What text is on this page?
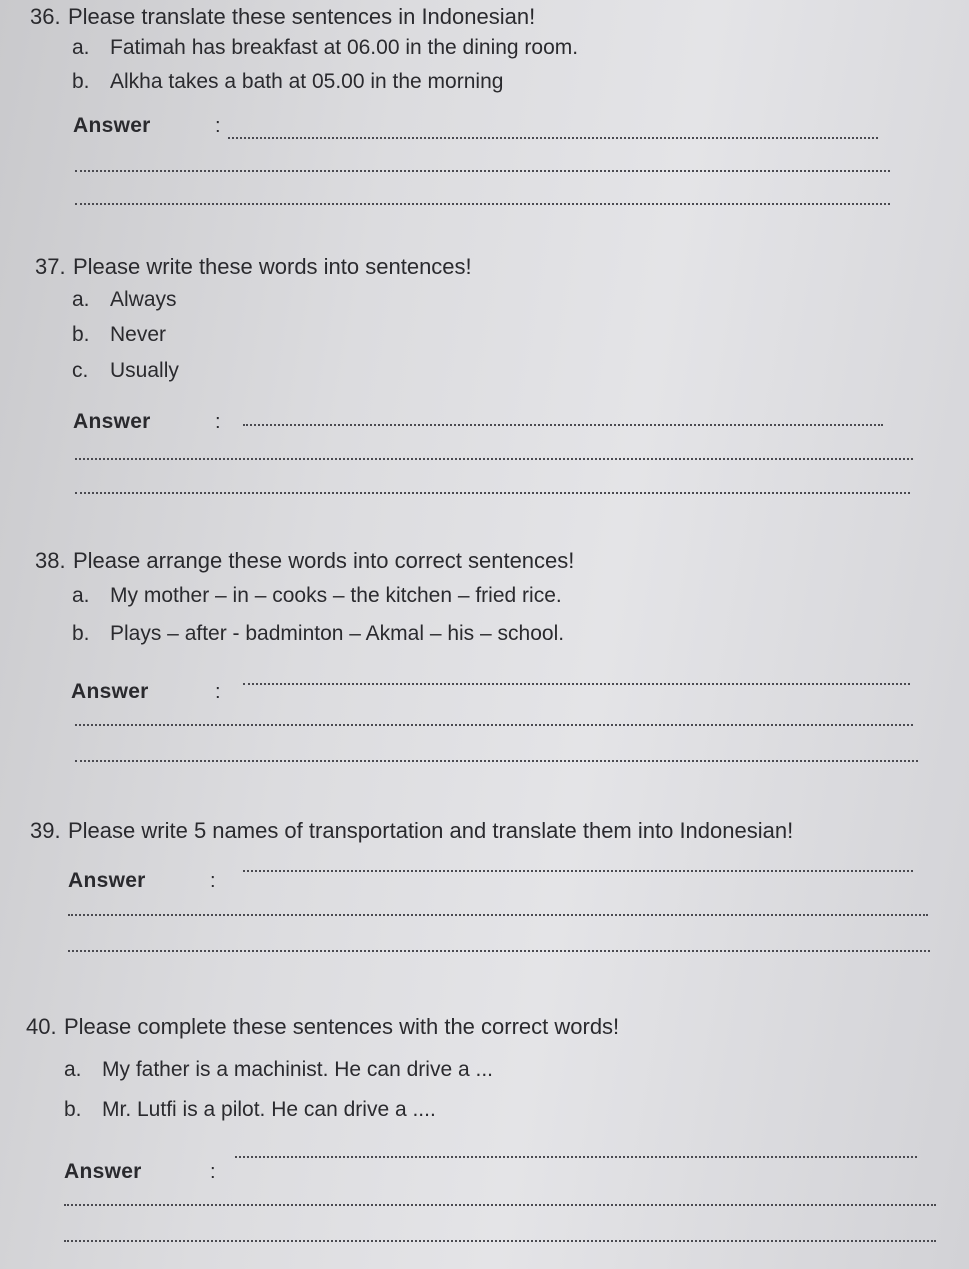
36. Please translate these sentences in Indonesian!
a. Fatimah has breakfast at 06.00 in the dining room.
b. Alkha takes a bath at 05.00 in the morning
Answer	:
37. Please write these words into sentences!
a. Always
b. Never
c. Usually
Answer	:
38. Please arrange these words into correct sentences!
a. My mother – in – cooks – the kitchen – fried rice.
b. Plays – after - badminton – Akmal – his – school.
Answer	:
39. Please write 5 names of transportation and translate them into Indonesian!
Answer	:
40. Please complete these sentences with the correct words!
a. My father is a machinist. He can drive a ...
b. Mr. Lutfi is a pilot. He can drive a ....
Answer	:
